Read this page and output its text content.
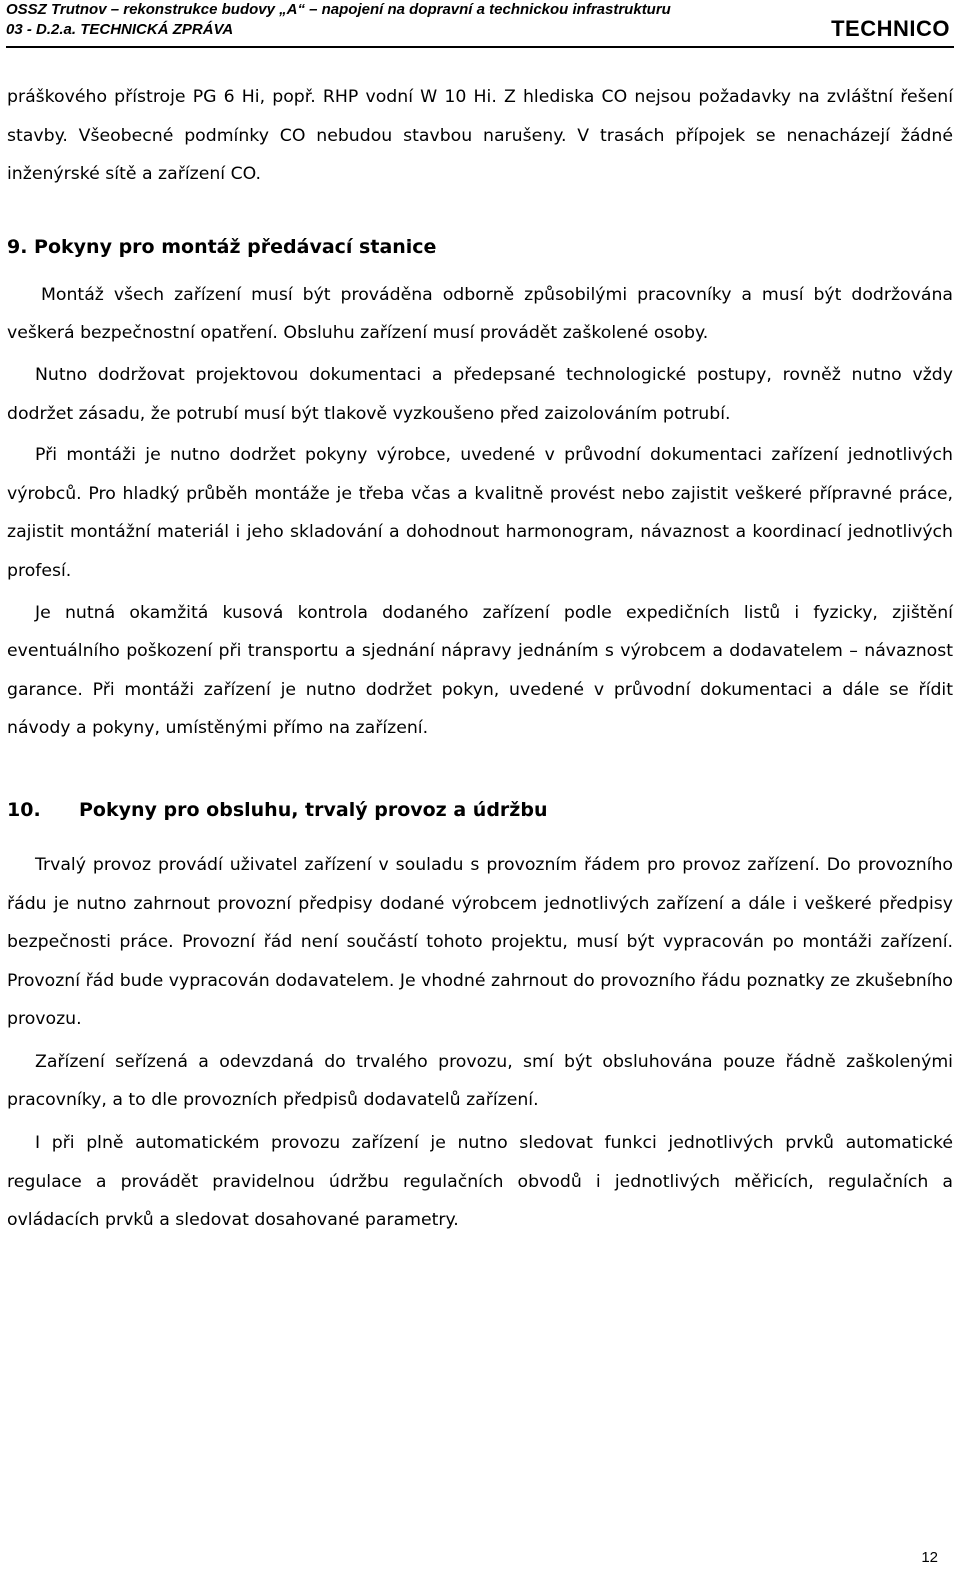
OSSZ Trutnov – rekonstrukce budovy „A“ – napojení na dopravní a technickou infrastrukturu
03 - D.2.a. TECHNICKÁ ZPRÁVA	TECHNICO

práškového přístroje PG 6 Hi, popř. RHP vodní W 10 Hi. Z hlediska CO nejsou požadavky na zvláštní řešení stavby. Všeobecné podmínky CO nebudou stavbou narušeny. V trasách přípojek se nenacházejí žádné inženýrské sítě a zařízení CO.

9. Pokyny pro montáž předávací stanice

Montáž všech zařízení musí být prováděna odborně způsobilými pracovníky a musí být dodržována veškerá bezpečnostní opatření. Obsluhu zařízení musí provádět zaškolené osoby.

Nutno dodržovat projektovou dokumentaci a předepsané technologické postupy, rovněž nutno vždy dodržet zásadu, že potrubí musí být tlakově vyzkoušeno před zaizolováním potrubí.

Při montáži je nutno dodržet pokyny výrobce, uvedené v průvodní dokumentaci zařízení jednotlivých výrobců. Pro hladký průběh montáže je třeba včas a kvalitně provést nebo zajistit veškeré přípravné práce, zajistit montážní materiál i jeho skladování a dohodnout harmonogram, návaznost a koordinací jednotlivých profesí.

Je nutná okamžitá kusová kontrola dodaného zařízení podle expedičních listů i fyzicky, zjištění eventuálního poškození při transportu a sjednání nápravy jednáním s výrobcem a dodavatelem – návaznost garance. Při montáži zařízení je nutno dodržet pokyn, uvedené v průvodní dokumentaci a dále se řídit návody a pokyny, umístěnými přímo na zařízení.

10. Pokyny pro obsluhu, trvalý provoz a údržbu

Trvalý provoz provádí uživatel zařízení v souladu s provozním řádem pro provoz zařízení. Do provozního řádu je nutno zahrnout provozní předpisy dodané výrobcem jednotlivých zařízení a dále i veškeré předpisy bezpečnosti práce. Provozní řád není součástí tohoto projektu, musí být vypracován po montáži zařízení. Provozní řád bude vypracován dodavatelem. Je vhodné zahrnout do provozního řádu poznatky ze zkušebního provozu.

Zařízení seřízená a odevzdaná do trvalého provozu, smí být obsluhována pouze řádně zaškolenými pracovníky, a to dle provozních předpisů dodavatelů zařízení.

I při plně automatickém provozu zařízení je nutno sledovat funkci jednotlivých prvků automatické regulace a provádět pravidelnou údržbu regulačních obvodů i jednotlivých měřicích, regulačních a ovládacích prvků a sledovat dosahované parametry.

12
